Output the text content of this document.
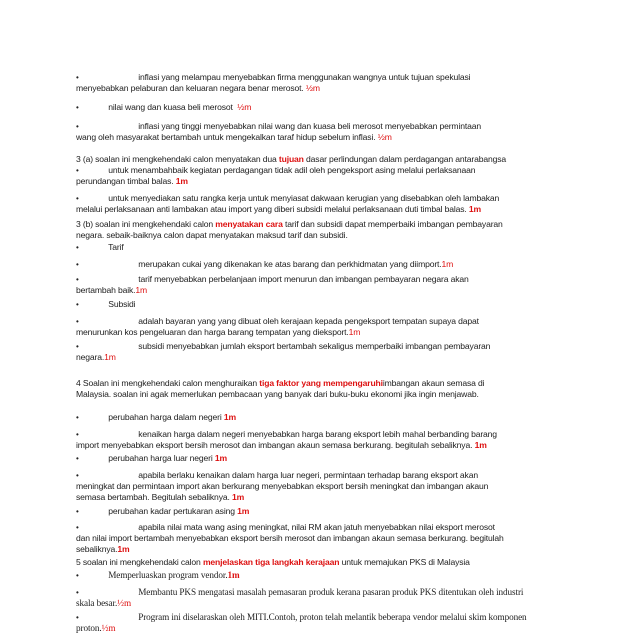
•	inflasi yang melampau menyebabkan firma menggunakan wangnya untuk tujuan spekulasi
menyebabkan pelaburan dan keluaran negara benar merosot. ½m
•	nilai wang dan kuasa beli merosot ½m
•	inflasi yang tinggi menyebabkan nilai wang dan kuasa beli merosot menyebabkan permintaan
wang oleh masyarakat bertambah untuk mengekalkan taraf hidup sebelum inflasi. ½m
3 (a) soalan ini mengkehendaki calon menyatakan dua tujuan dasar perlindungan dalam perdagangan antarabangsa
•	untuk menambahbaik kegiatan perdagangan tidak adil oleh pengeksport asing melalui perlaksanaan
perundangan timbal balas. 1m
•	untuk menyediakan satu rangka kerja untuk menyiasat dakwaan kerugian yang disebabkan oleh lambakan
melalui perlaksanaan anti lambakan atau import yang diberi subsidi melalui perlaksanaan duti timbal balas. 1m
3 (b) soalan ini mengkehendaki calon menyatakan cara tarif dan subsidi dapat memperbaiki imbangan pembayaran
negara. sebaik-baiknya calon dapat menyatakan maksud tarif dan subsidi.
•	Tarif
•	merupakan cukai yang dikenakan ke atas barang dan perkhidmatan yang diimport.1m
•	tarif menyebabkan perbelanjaan import menurun dan imbangan pembayaran negara akan
bertambah baik.1m
•	Subsidi
•	adalah bayaran yang yang dibuat oleh kerajaan kepada pengeksport tempatan supaya dapat
menurunkan kos pengeluaran dan harga barang tempatan yang dieksport.1m
•	subsidi menyebabkan jumlah eksport bertambah sekaligus memperbaiki imbangan pembayaran
negara.1m
4 Soalan ini mengkehendaki calon menghuraikan tiga faktor yang mempengaruhiimbangan akaun semasa di
Malaysia. soalan ini agak memerlukan pembacaan yang banyak dari buku-buku ekonomi jika ingin menjawab.
•	perubahan harga dalam negeri 1m
•	kenaikan harga dalam negeri menyebabkan harga barang eksport lebih mahal berbanding barang
import menyebabkan eksport bersih merosot dan imbangan akaun semasa berkurang. begitulah sebaliknya. 1m
•	perubahan harga luar negeri 1m
•	apabila berlaku kenaikan dalam harga luar negeri, permintaan terhadap barang eksport akan
meningkat dan permintaan import akan berkurang menyebabkan eksport bersih meningkat dan imbangan akaun
semasa bertambah. Begitulah sebaliknya. 1m
•	perubahan kadar pertukaran asing 1m
•	apabila nilai mata wang asing meningkat, nilai RM akan jatuh menyebabkan nilai eksport merosot
dan nilai import bertambah menyebabkan eksport bersih merosot dan imbangan akaun semasa berkurang. begitulah
sebaliknya.1m
5 soalan ini mengkehendaki calon menjelaskan tiga langkah kerajaan untuk memajukan PKS di Malaysia
•	Memperluaskan program vendor.1m
•	Membantu PKS mengatasi masalah pemasaran produk kerana pasaran produk PKS ditentukan oleh industri
skala besar.½m
•	Program ini diselaraskan oleh MITI.Contoh, proton telah melantik beberapa vendor melalui skim komponen
proton.½m
